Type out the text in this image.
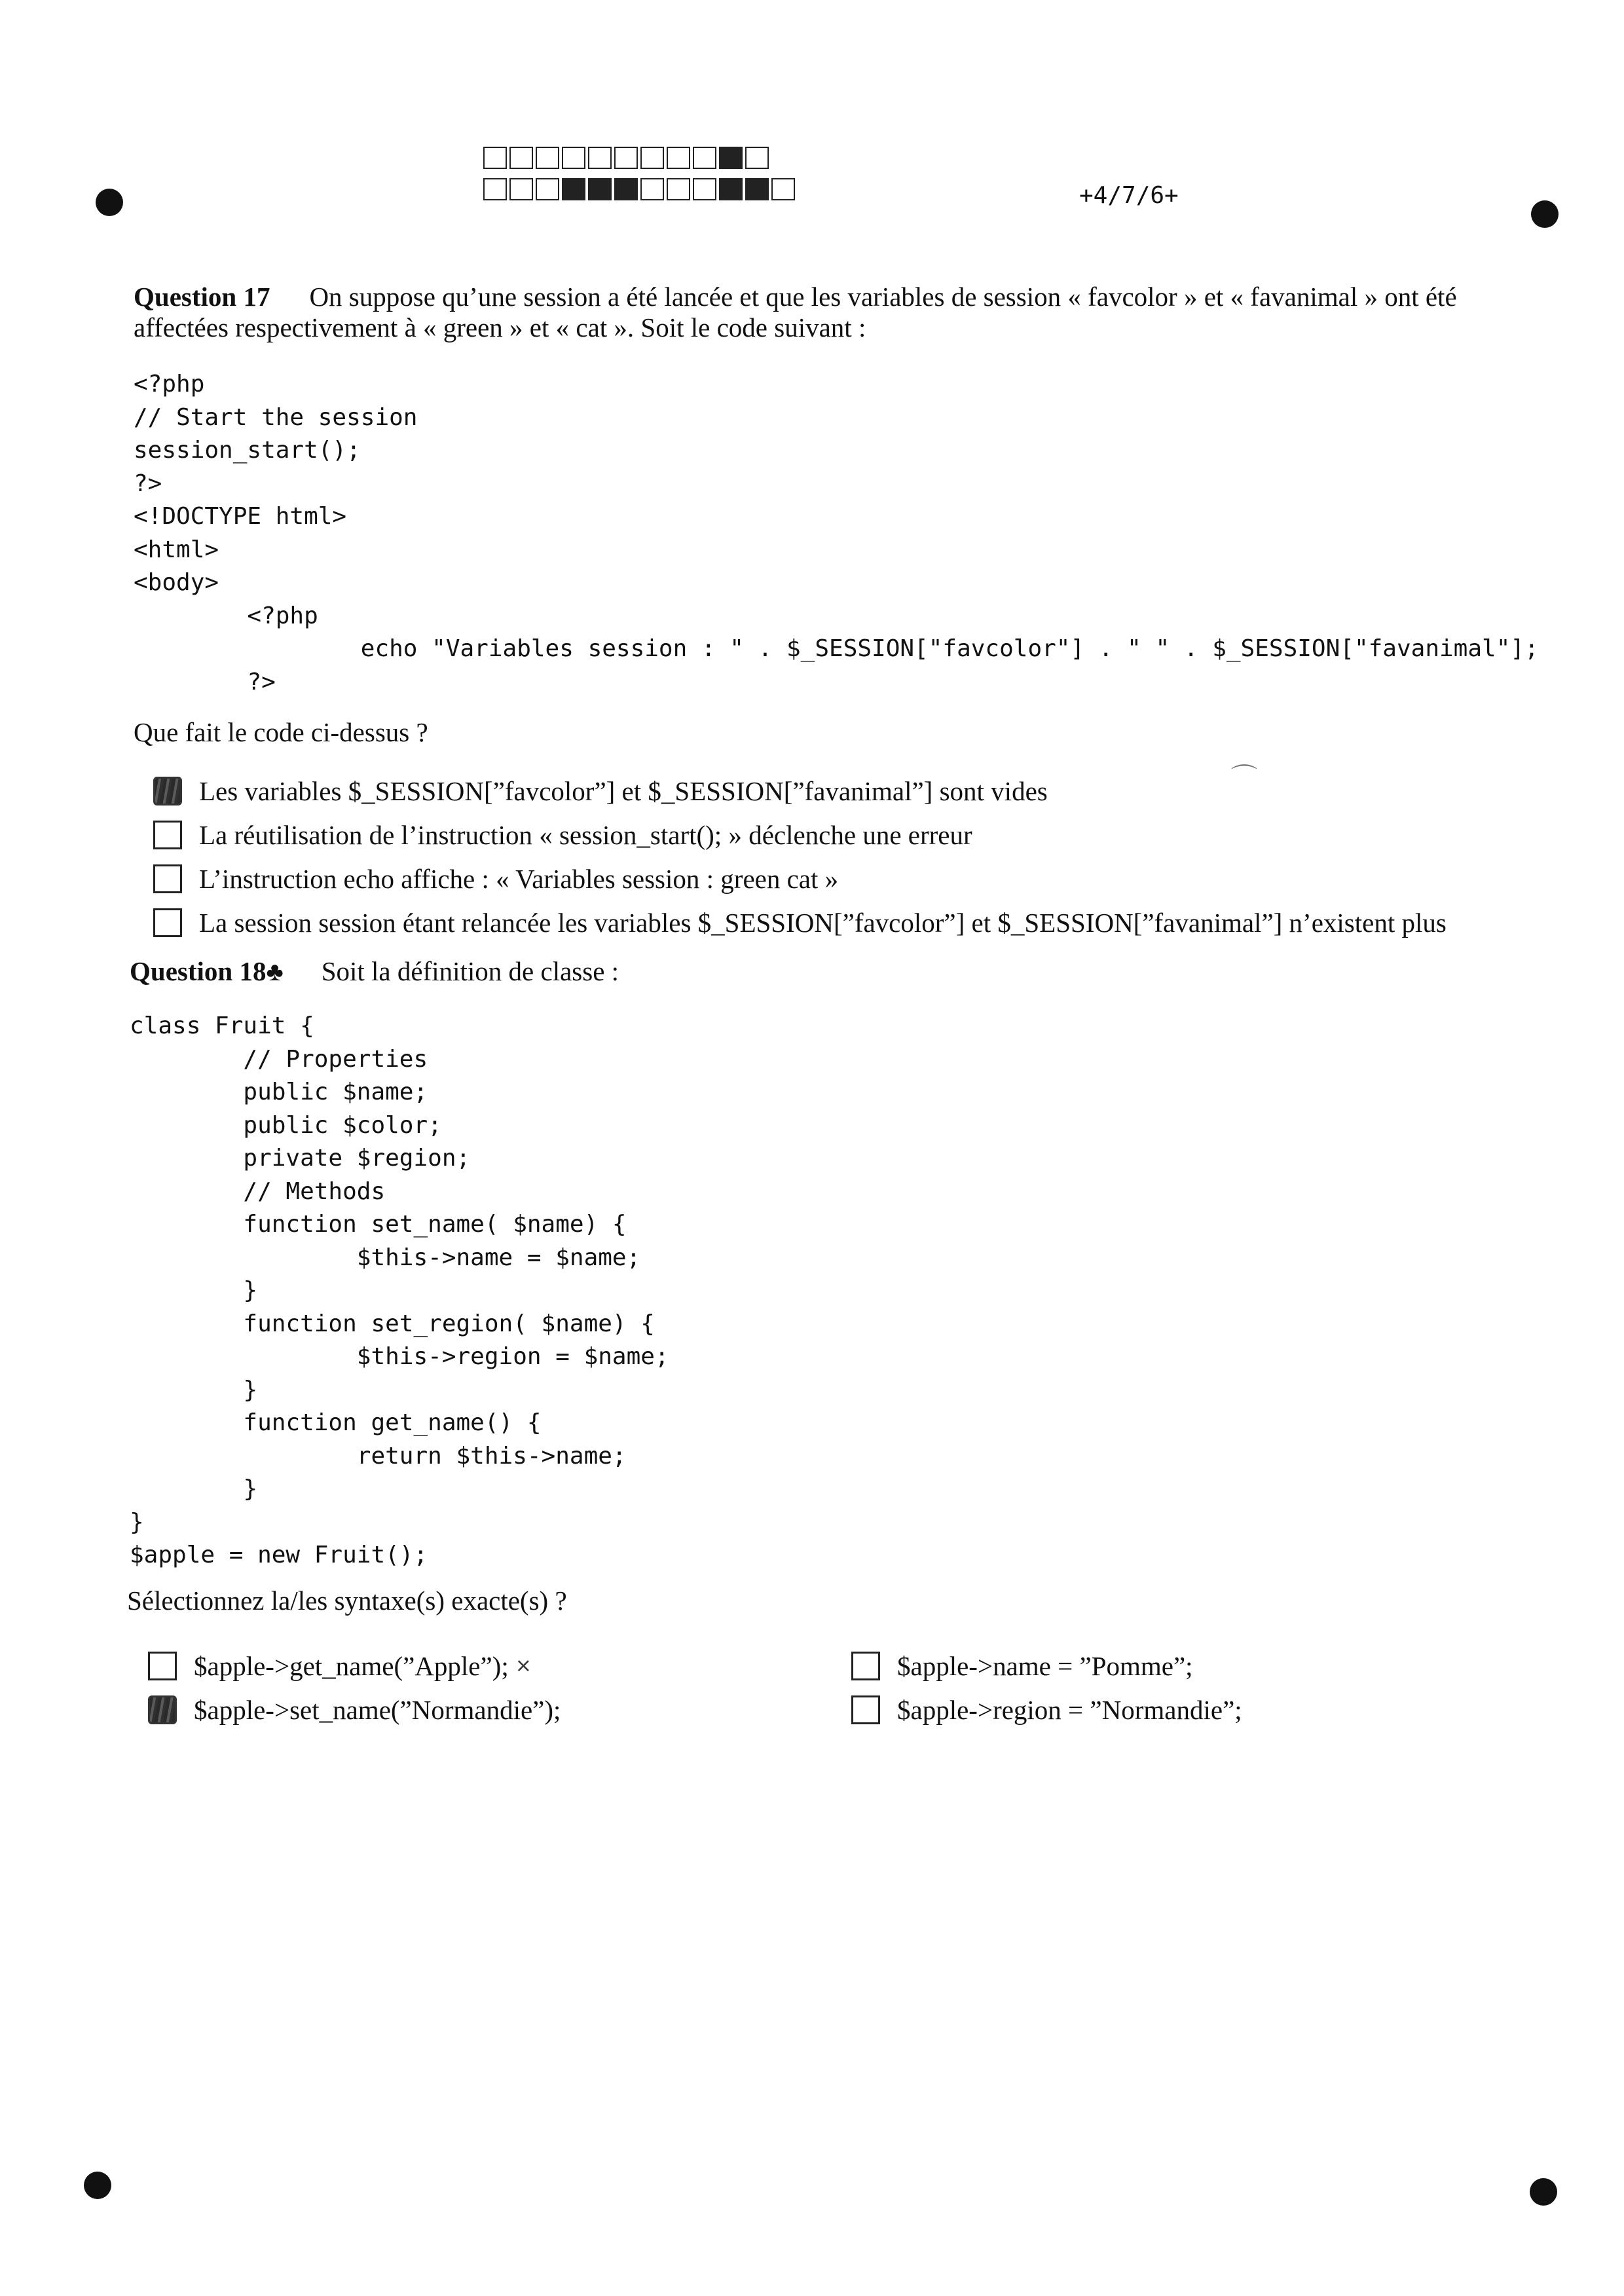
+4/7/6+
Question 17 On suppose qu’une session a été lancée et que les variables de session « favcolor » et « favanimal » ont été
affectées respectivement à « green » et « cat ». Soit le code suivant :
<?php
// Start the session
session_start();
?>
<!DOCTYPE html>
<html>
<body>
<?php
echo "Variables session : " . $_SESSION["favcolor"] . " " . $_SESSION["favanimal"];
?>
Que fait le code ci-dessus ?
Les variables $_SESSION[”favcolor”] et $_SESSION[”favanimal”] sont vides
La réutilisation de l’instruction « session_start(); » déclenche une erreur
L’instruction echo affiche : « Variables session : green cat »
La session session étant relancée les variables $_SESSION[”favcolor”] et $_SESSION[”favanimal”] n’existent plus
⌒
Question 18♣ Soit la définition de classe :
class Fruit {
// Properties
public $name;
public $color;
private $region;
// Methods
function set_name( $name) {
$this->name = $name;
}
function set_region( $name) {
$this->region = $name;
}
function get_name() {
return $this->name;
}
}
$apple = new Fruit();
Sélectionnez la/les syntaxe(s) exacte(s) ?
$apple->get_name(”Apple”); ⨯
$apple->set_name(”Normandie”);
$apple->name = ”Pomme”;
$apple->region = ”Normandie”;
